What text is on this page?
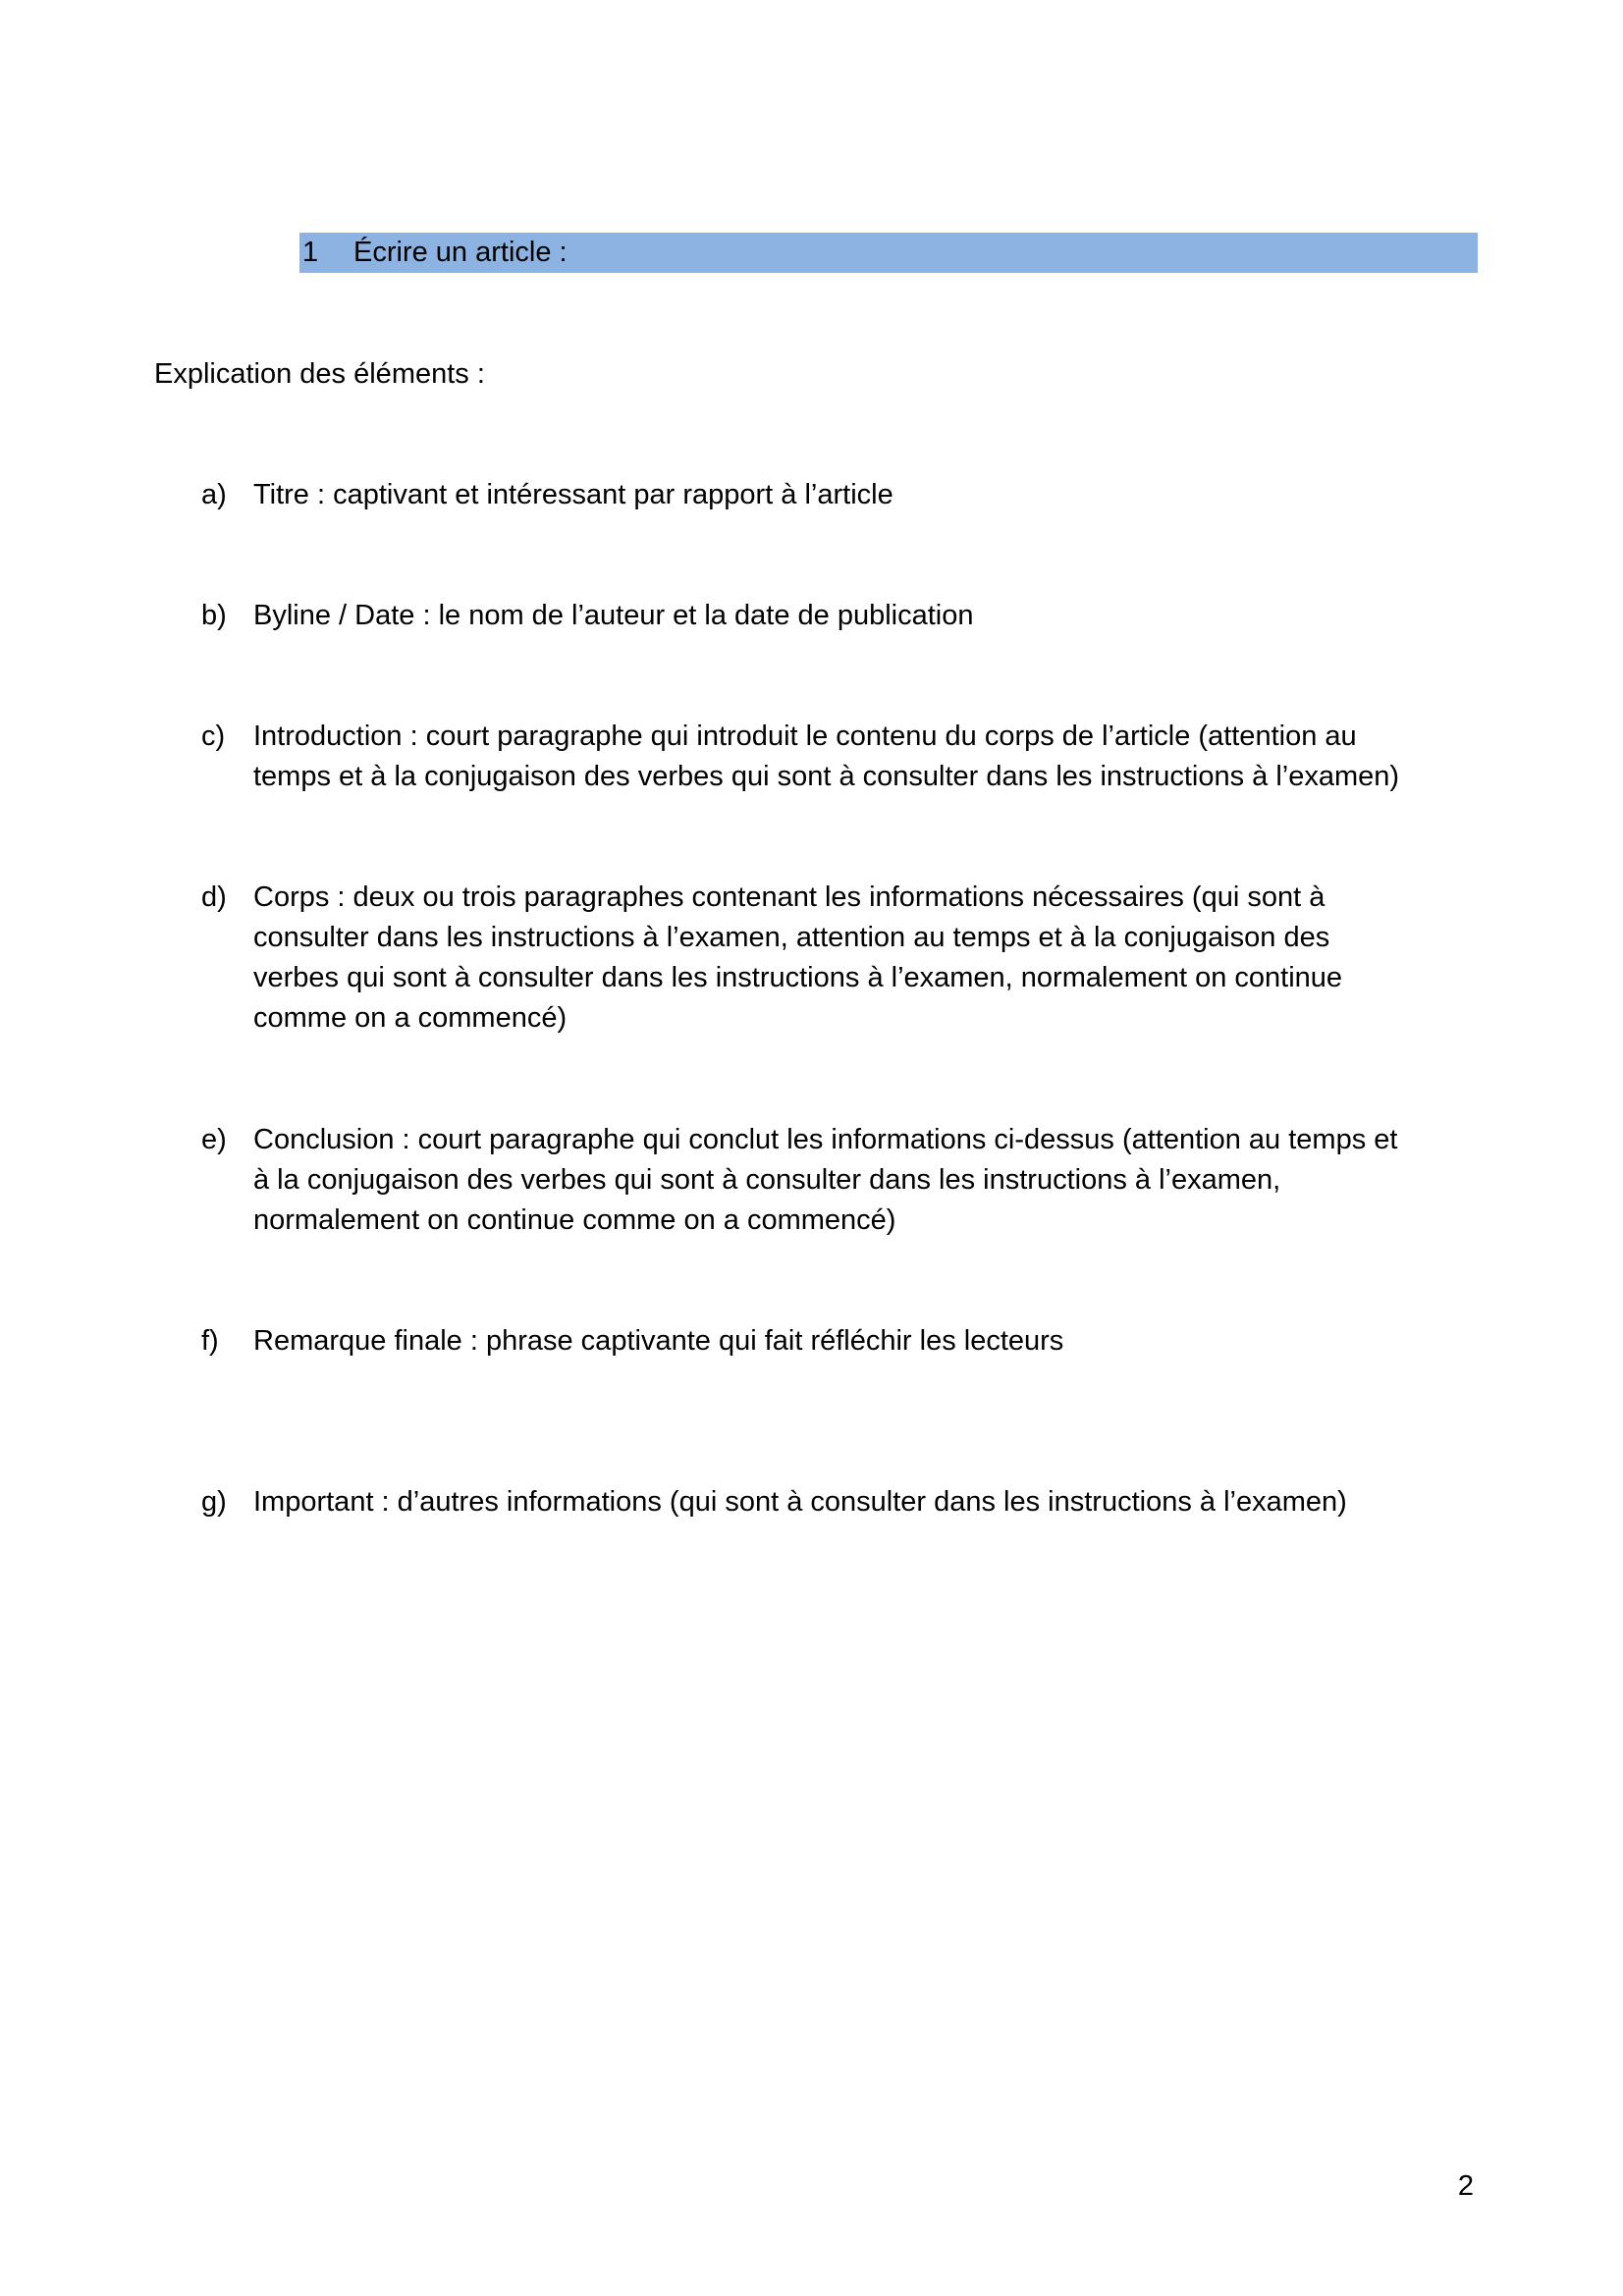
1 Écrire un article :
Explication des éléments :
a) Titre : captivant et intéressant par rapport à l’article
b) Byline / Date : le nom de l’auteur et la date de publication
c) Introduction : court paragraphe qui introduit le contenu du corps de l’article (attention au
temps et à la conjugaison des verbes qui sont à consulter dans les instructions à l’examen)
d) Corps : deux ou trois paragraphes contenant les informations nécessaires (qui sont à
consulter dans les instructions à l’examen, attention au temps et à la conjugaison des
verbes qui sont à consulter dans les instructions à l’examen, normalement on continue
comme on a commencé)
e) Conclusion : court paragraphe qui conclut les informations ci-dessus (attention au temps et
à la conjugaison des verbes qui sont à consulter dans les instructions à l’examen,
normalement on continue comme on a commencé)
f)	Remarque finale : phrase captivante qui fait réfléchir les lecteurs
g) Important : d’autres informations (qui sont à consulter dans les instructions à l’examen)
2
